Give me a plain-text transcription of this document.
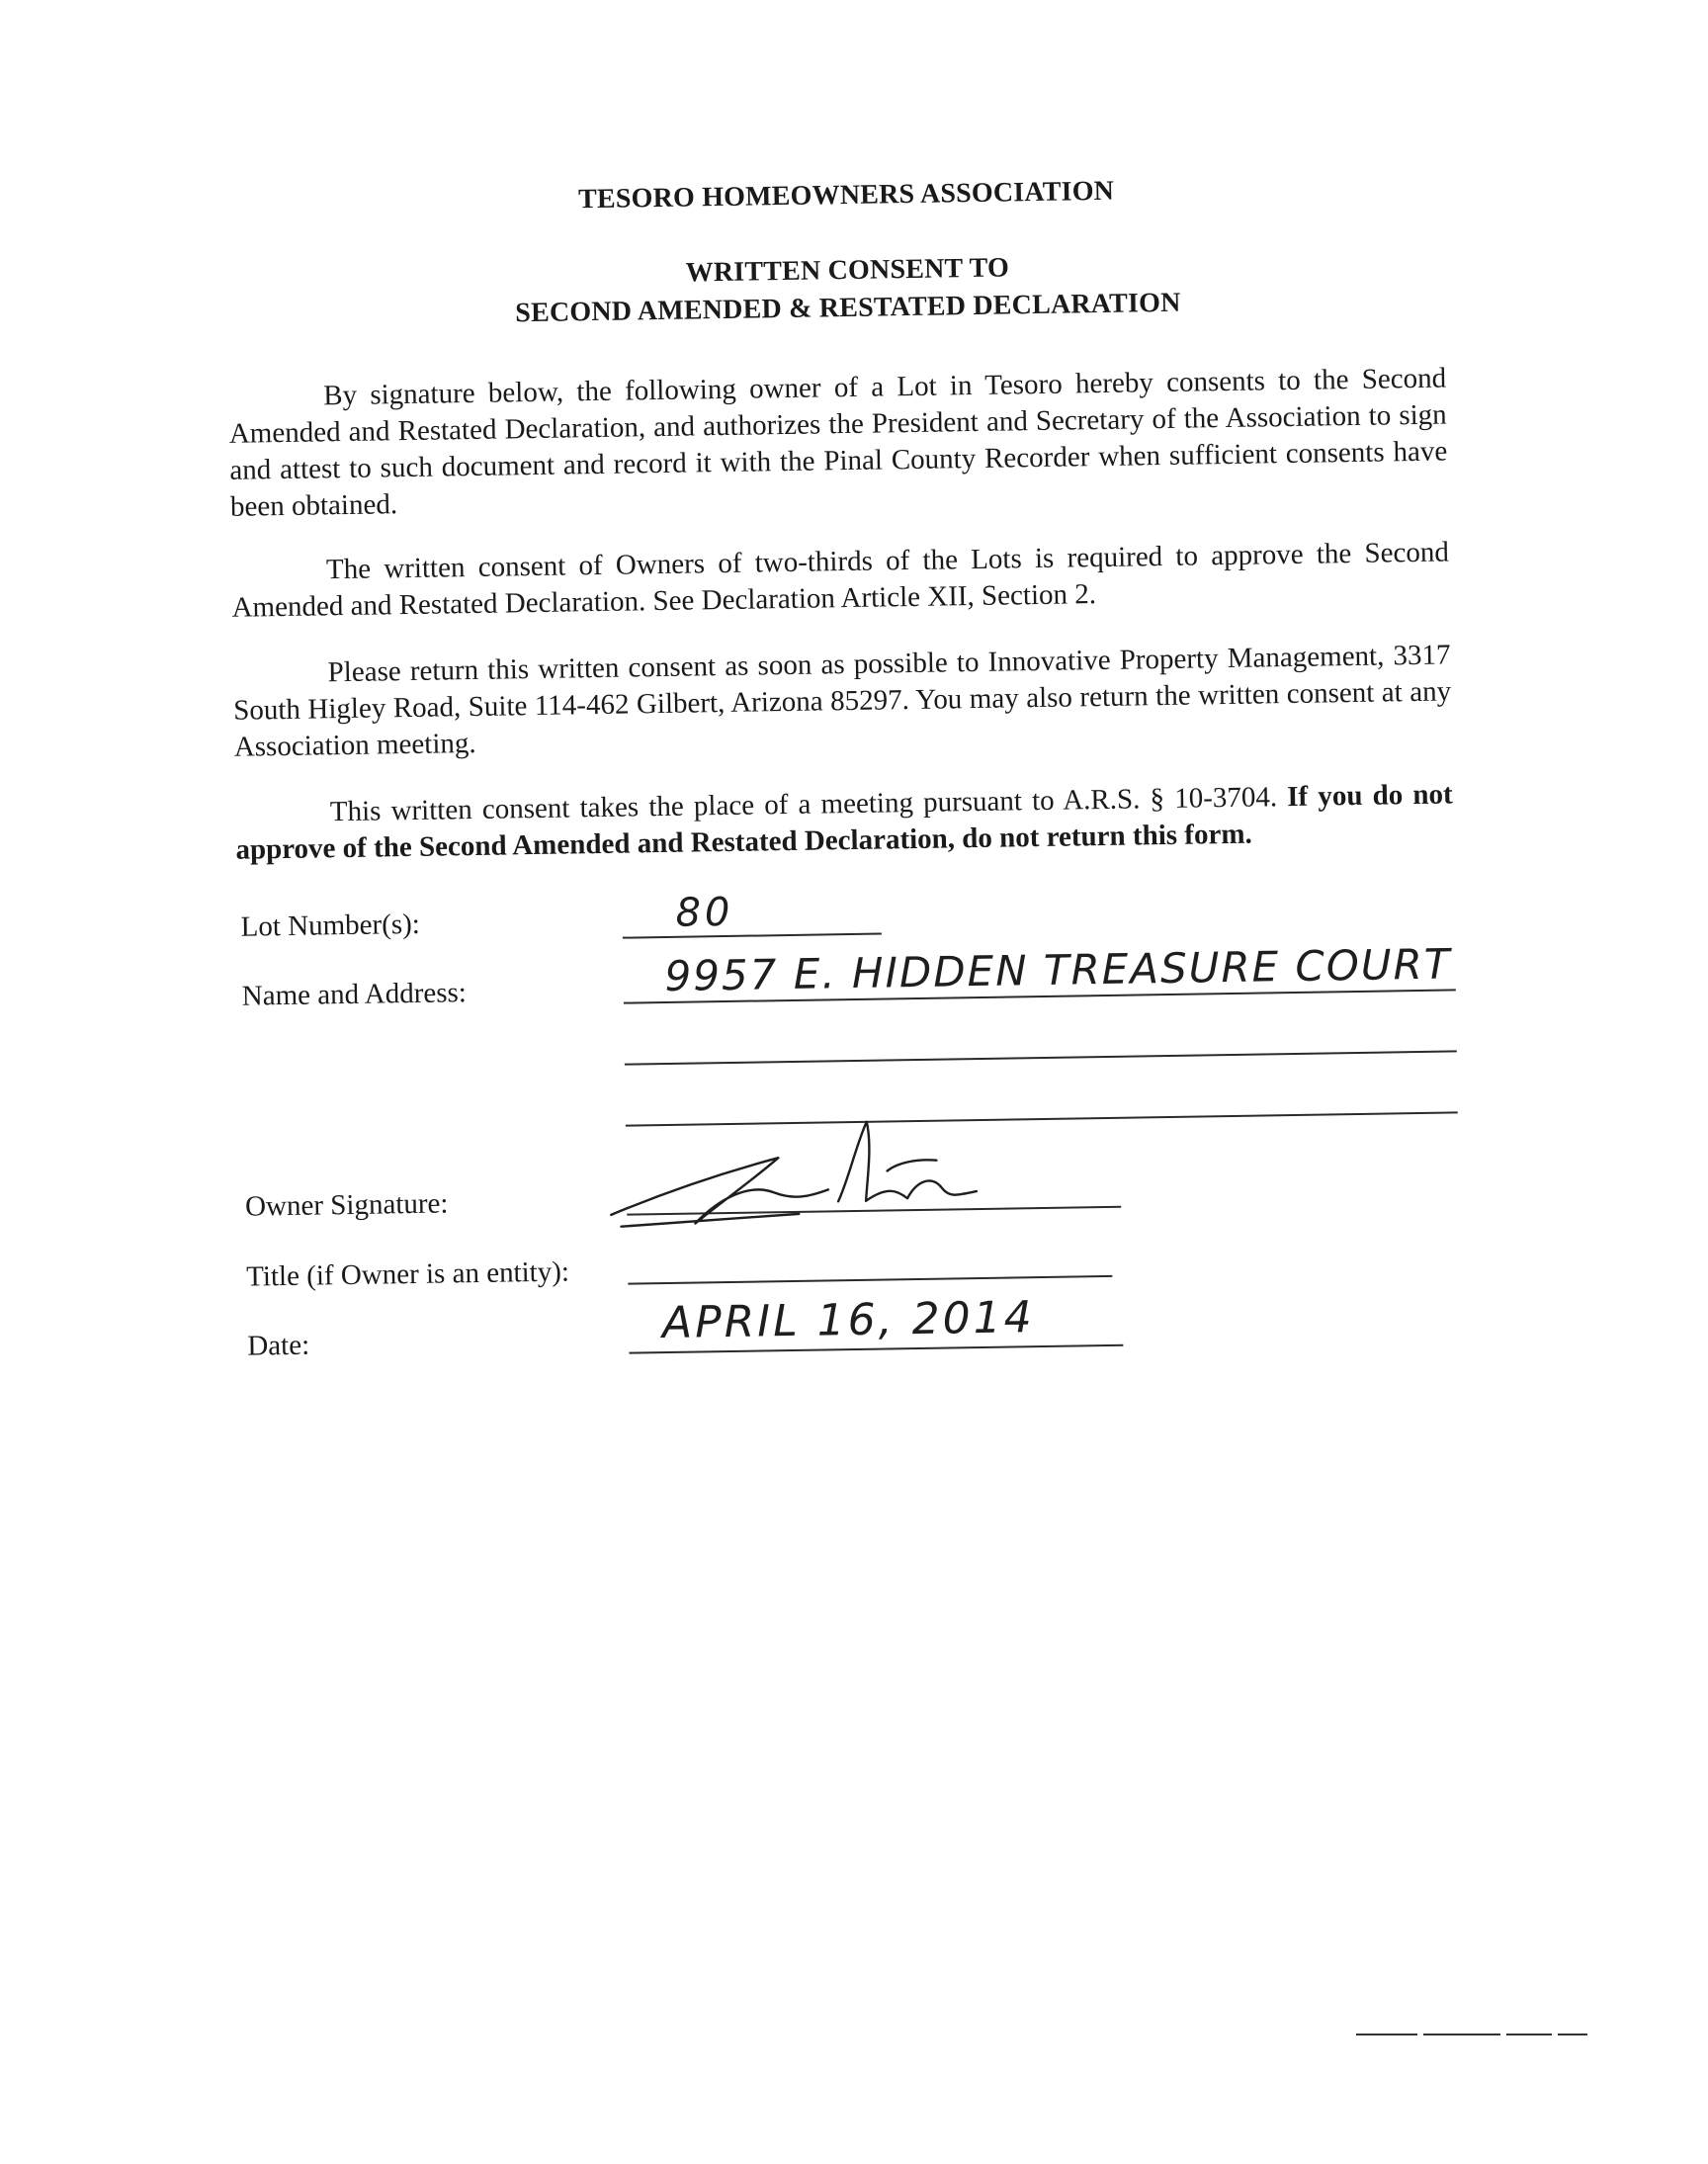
TESORO HOMEOWNERS ASSOCIATION
WRITTEN CONSENT TO
SECOND AMENDED & RESTATED DECLARATION
By signature below, the following owner of a Lot in Tesoro hereby consents to the Second Amended and Restated Declaration, and authorizes the President and Secretary of the Association to sign and attest to such document and record it with the Pinal County Recorder when sufficient consents have been obtained.
The written consent of Owners of two-thirds of the Lots is required to approve the Second Amended and Restated Declaration. See Declaration Article XII, Section 2.
Please return this written consent as soon as possible to Innovative Property Management, 3317 South Higley Road, Suite 114-462 Gilbert, Arizona 85297. You may also return the written consent at any Association meeting.
This written consent takes the place of a meeting pursuant to A.R.S. § 10-3704. If you do not approve of the Second Amended and Restated Declaration, do not return this form.
Lot Number(s):	80
Name and Address:	9957 E. HIDDEN TREASURE COURT
Owner Signature:
Title (if Owner is an entity):
Date:	APRIL 16, 2014
